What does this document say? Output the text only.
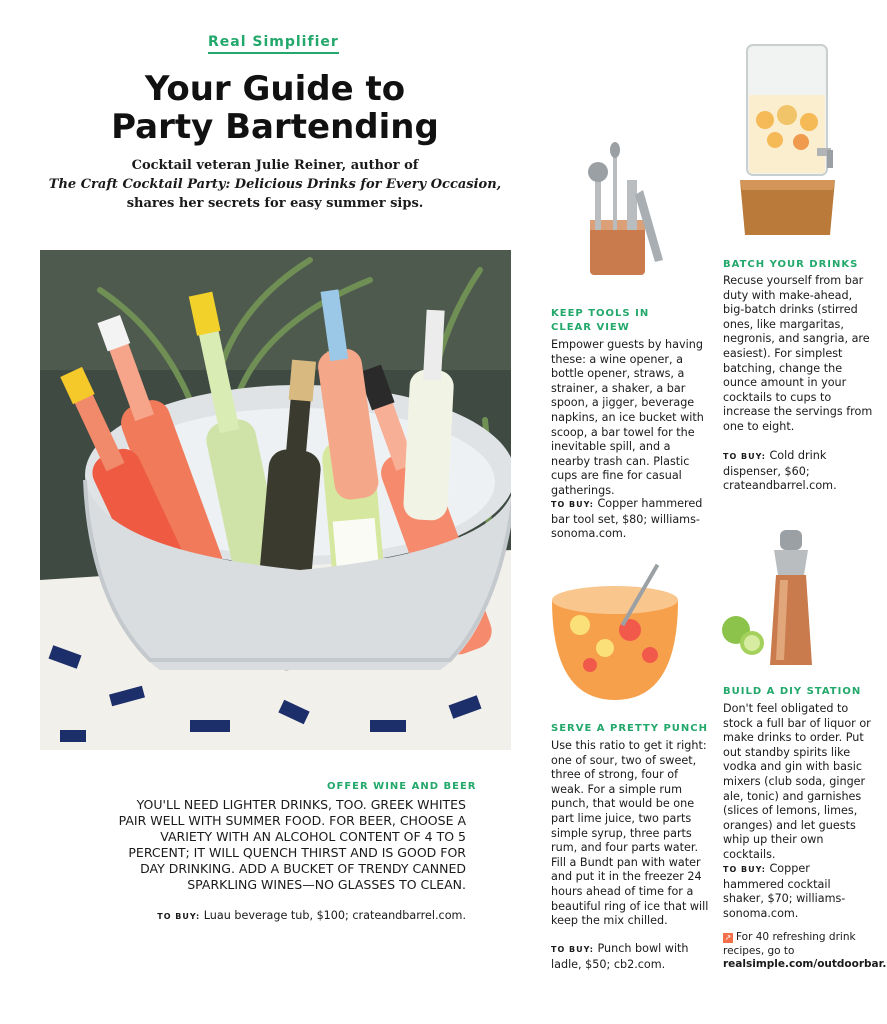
Real Simplifier
Your Guide to
Party Bartending
Cocktail veteran Julie Reiner, author of
The Craft Cocktail Party: Delicious Drinks for Every Occasion,
shares her secrets for easy summer sips.
OFFER WINE AND BEER
YOU'LL NEED LIGHTER DRINKS, TOO. GREEK WHITES PAIR WELL WITH SUMMER FOOD. FOR BEER, CHOOSE A VARIETY WITH AN ALCOHOL CONTENT OF 4 TO 5 PERCENT; IT WILL QUENCH THIRST AND IS GOOD FOR DAY DRINKING. ADD A BUCKET OF TRENDY CANNED SPARKLING WINES—NO GLASSES TO CLEAN.
TO BUY: Luau beverage tub, $100; crateandbarrel.com.
KEEP TOOLS IN
CLEAR VIEW
Empower guests by having these: a wine opener, a bottle opener, straws, a strainer, a shaker, a bar spoon, a jigger, beverage napkins, an ice bucket with scoop, a bar towel for the inevitable spill, and a nearby trash can. Plastic cups are fine for casual gatherings.
TO BUY: Copper hammered bar tool set, $80; williams-sonoma.com.
SERVE A PRETTY PUNCH
Use this ratio to get it right: one of sour, two of sweet, three of strong, four of weak. For a simple rum punch, that would be one part lime juice, two parts simple syrup, three parts rum, and four parts water. Fill a Bundt pan with water and put it in the freezer 24 hours ahead of time for a beautiful ring of ice that will keep the mix chilled.
TO BUY: Punch bowl with ladle, $50; cb2.com.
BATCH YOUR DRINKS
Recuse yourself from bar duty with make-ahead, big-batch drinks (stirred ones, like margaritas, negronis, and sangria, are easiest). For simplest batching, change the ounce amount in your cocktails to cups to increase the servings from one to eight.
TO BUY: Cold drink dispenser, $60; crateandbarrel.com.
BUILD A DIY STATION
Don't feel obligated to stock a full bar of liquor or make drinks to order. Put out standby spirits like vodka and gin with basic mixers (club soda, ginger ale, tonic) and garnishes (slices of lemons, limes, oranges) and let guests whip up their own cocktails.
TO BUY: Copper hammered cocktail shaker, $70; williams-sonoma.com.
↗ For 40 refreshing drink recipes, go to realsimple.com/outdoorbar.
